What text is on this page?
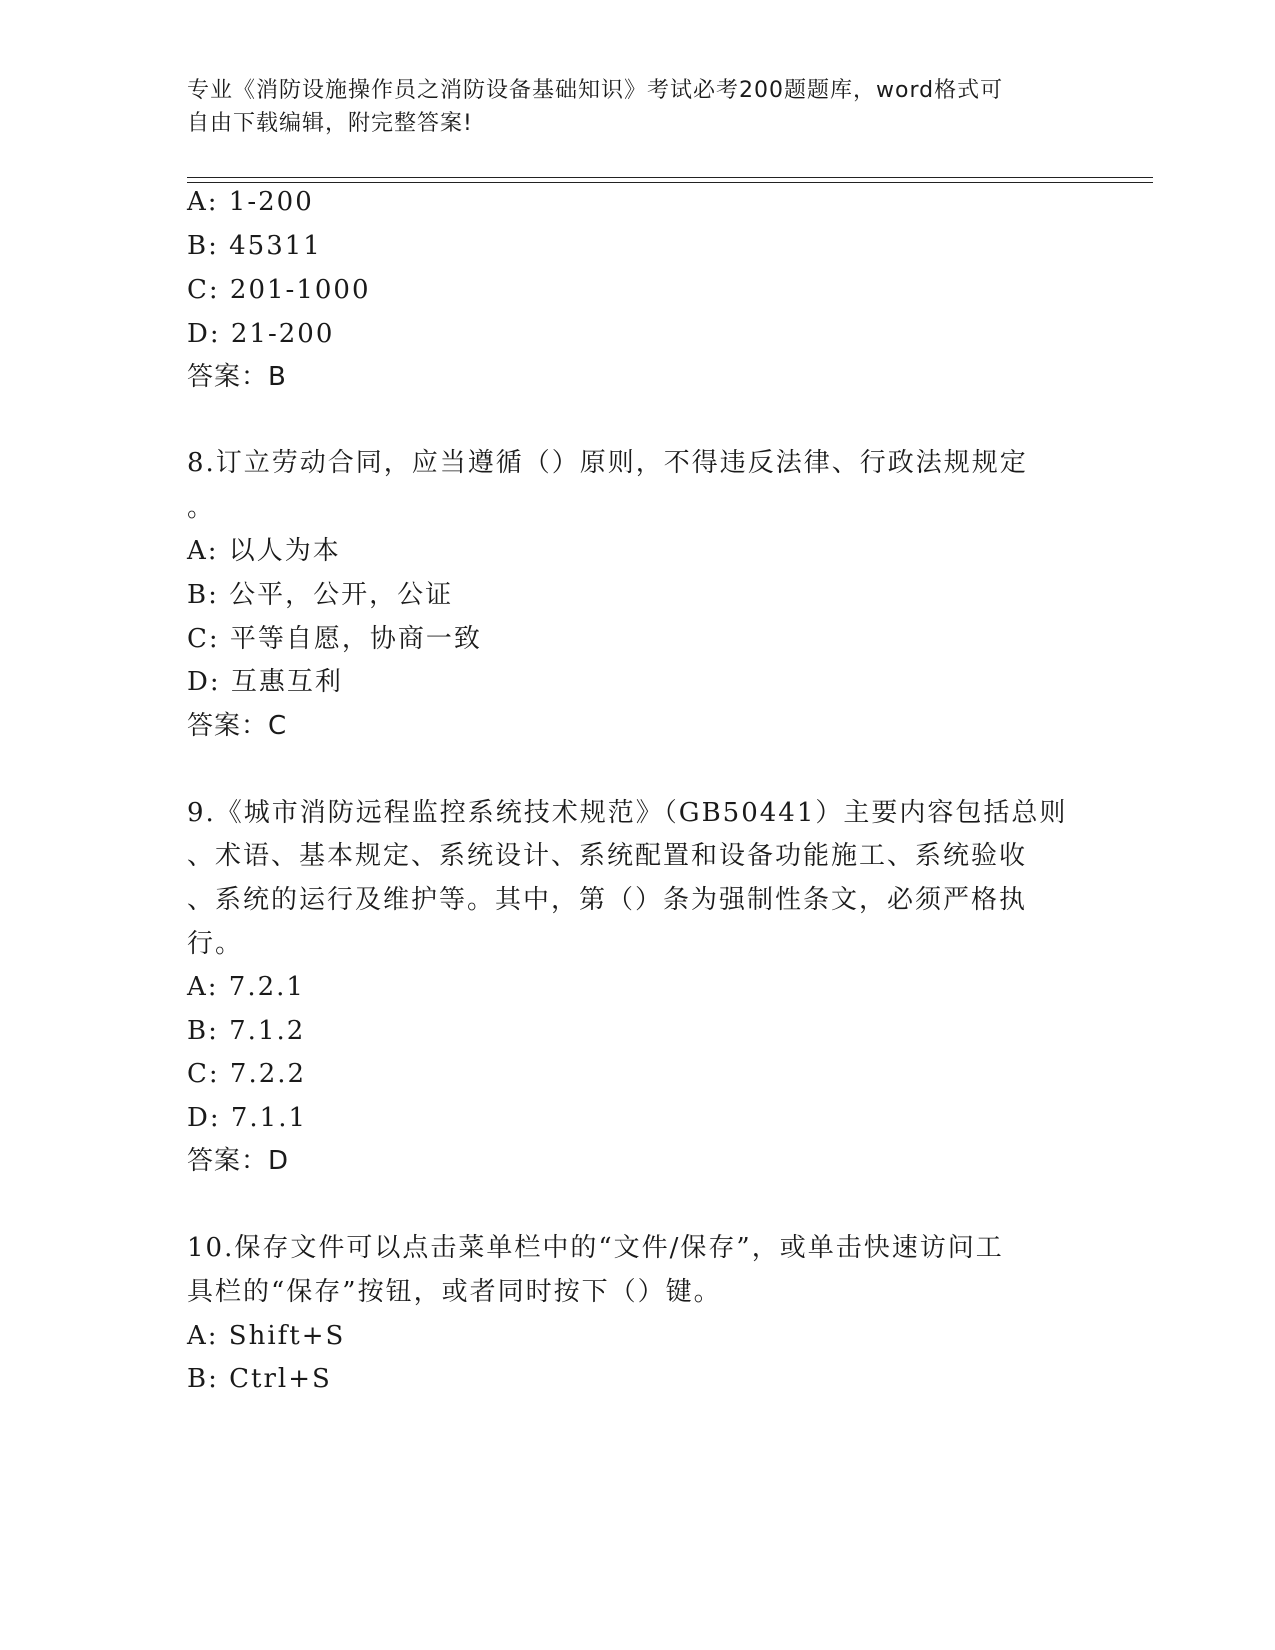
专业《消防设施操作员之消防设备基础知识》考试必考200题题库，word格式可
自由下载编辑，附完整答案!
A: 1-200
B: 45311
C: 201-1000
D: 21-200
答案：B
8.订立劳动合同，应当遵循（）原则，不得违反法律、行政法规规定
。
A: 以人为本
B: 公平，公开，公证
C: 平等自愿，协商一致
D: 互惠互利
答案：C
9.《城市消防远程监控系统技术规范》（GB50441）主要内容包括总则
、术语、基本规定、系统设计、系统配置和设备功能施工、系统验收
、系统的运行及维护等。其中，第（）条为强制性条文，必须严格执
行。
A: 7.2.1
B: 7.1.2
C: 7.2.2
D: 7.1.1
答案：D
10.保存文件可以点击菜单栏中的“文件/保存”，或单击快速访问工
具栏的“保存”按钮，或者同时按下（）键。
A: Shift+S
B: Ctrl+S
